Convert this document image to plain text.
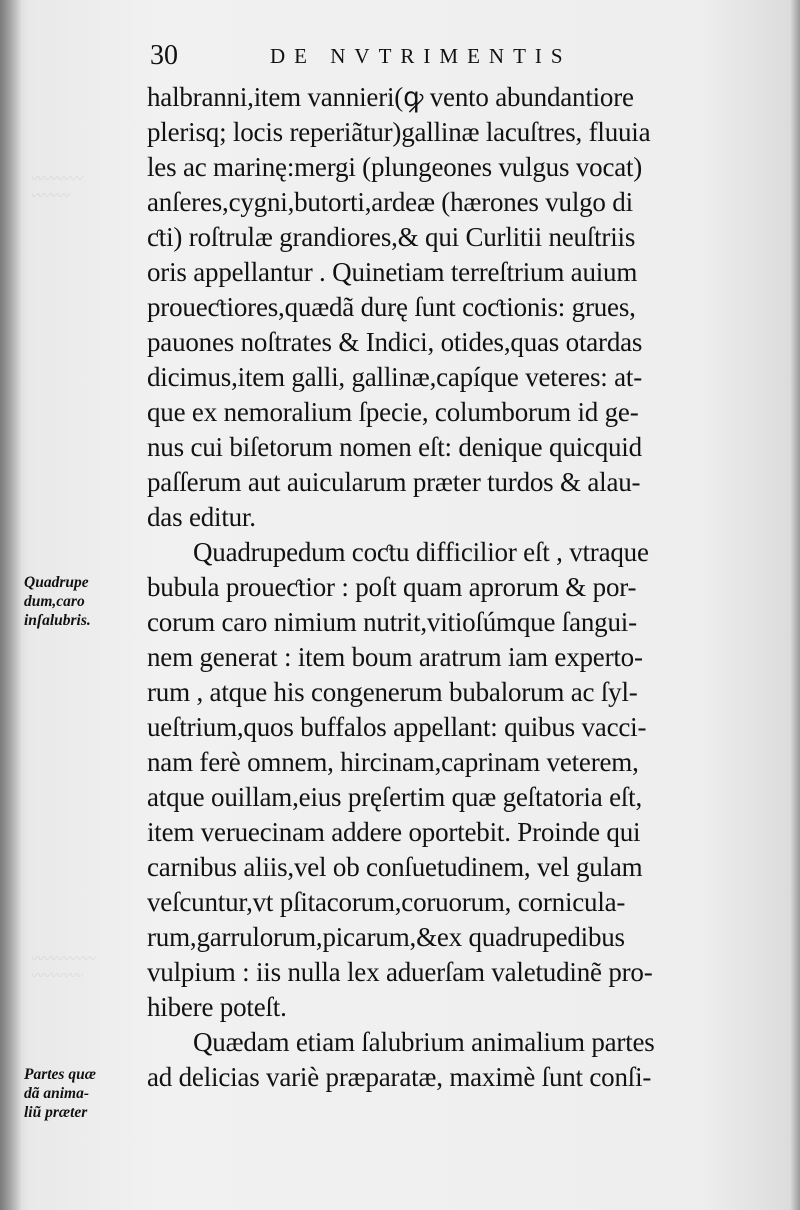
〰〰〰〰
〰〰〰
〰〰〰〰〰
〰〰〰〰
30	DE NVTRIMENTIS
halbranni,item vannieri(ꝙ vento abundantiore
plerisq; locis reperiãtur)gallinæ lacuſtres, fluuia
les ac marinę:mergi (plungeones vulgus vocat)
anſeres,cygni,butorti,ardeæ (hærones vulgo di
ƈti) roſtrulæ grandiores,& qui Curlitii neuſtriis
oris appellantur . Quinetiam terreſtrium auium
proueƈtiores,quædã durę ſunt coƈtionis: grues,
pauones noſtrates & Indici, otides,quas otardas
dicimus,item galli, gallinæ,capíque veteres: at-
que ex nemoralium ſpecie, columborum id ge-
nus cui biſetorum nomen eſt: denique quicquid
paſſerum aut auicularum præter turdos & alau-
das editur.
Quadrupedum coƈtu difficilior eſt , vtraque
bubula proueƈtior : poſt quam aprorum & por-
corum caro nimium nutrit,vitioſúmque ſangui-
nem generat : item boum aratrum iam experto-
rum , atque his congenerum bubalorum ac ſyl-
ueſtrium,quos buffalos appellant: quibus vacci-
nam ferè omnem, hircinam,caprinam veterem,
atque ouillam,eius pręſertim quæ geſtatoria eſt,
item veruecinam addere oportebit. Proinde qui
carnibus aliis,vel ob conſuetudinem, vel gulam
veſcuntur,vt pſitacorum,coruorum, cornicula-
rum,garrulorum,picarum,&ex quadrupedibus
vulpium : iis nulla lex aduerſam valetudinẽ pro-
hibere poteſt.
Quædam etiam ſalubrium animalium partes
ad delicias variè præparatæ, maximè ſunt conſi-
Quadrupe
dum,caro
inſalubris.
Partes quæ
dã anima-
liũ præter
